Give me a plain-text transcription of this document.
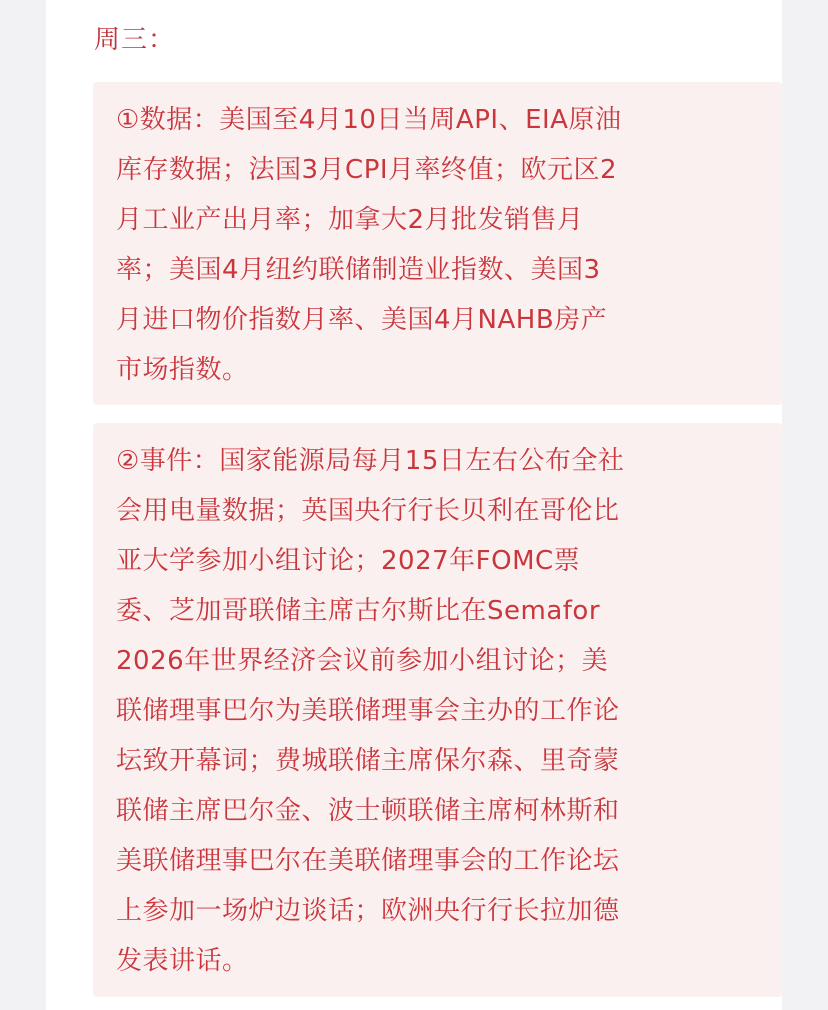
周三：

①数据：美国至4月10日当周API、EIA原油

库存数据；法国3月CPI月率终值；欧元区2

月工业产出月率；加拿大2月批发销售月

率；美国4月纽约联储制造业指数、美国3

月进口物价指数月率、美国4月NAHB房产

市场指数。

②事件：国家能源局每月15日左右公布全社

会用电量数据；英国央行行长贝利在哥伦比

亚大学参加小组讨论；2027年FOMC票

委、芝加哥联储主席古尔斯比在Semafor

2026年世界经济会议前参加小组讨论；美

联储理事巴尔为美联储理事会主办的工作论

坛致开幕词；费城联储主席保尔森、里奇蒙

联储主席巴尔金、波士顿联储主席柯林斯和

美联储理事巴尔在美联储理事会的工作论坛

上参加一场炉边谈话；欧洲央行行长拉加德

发表讲话。
